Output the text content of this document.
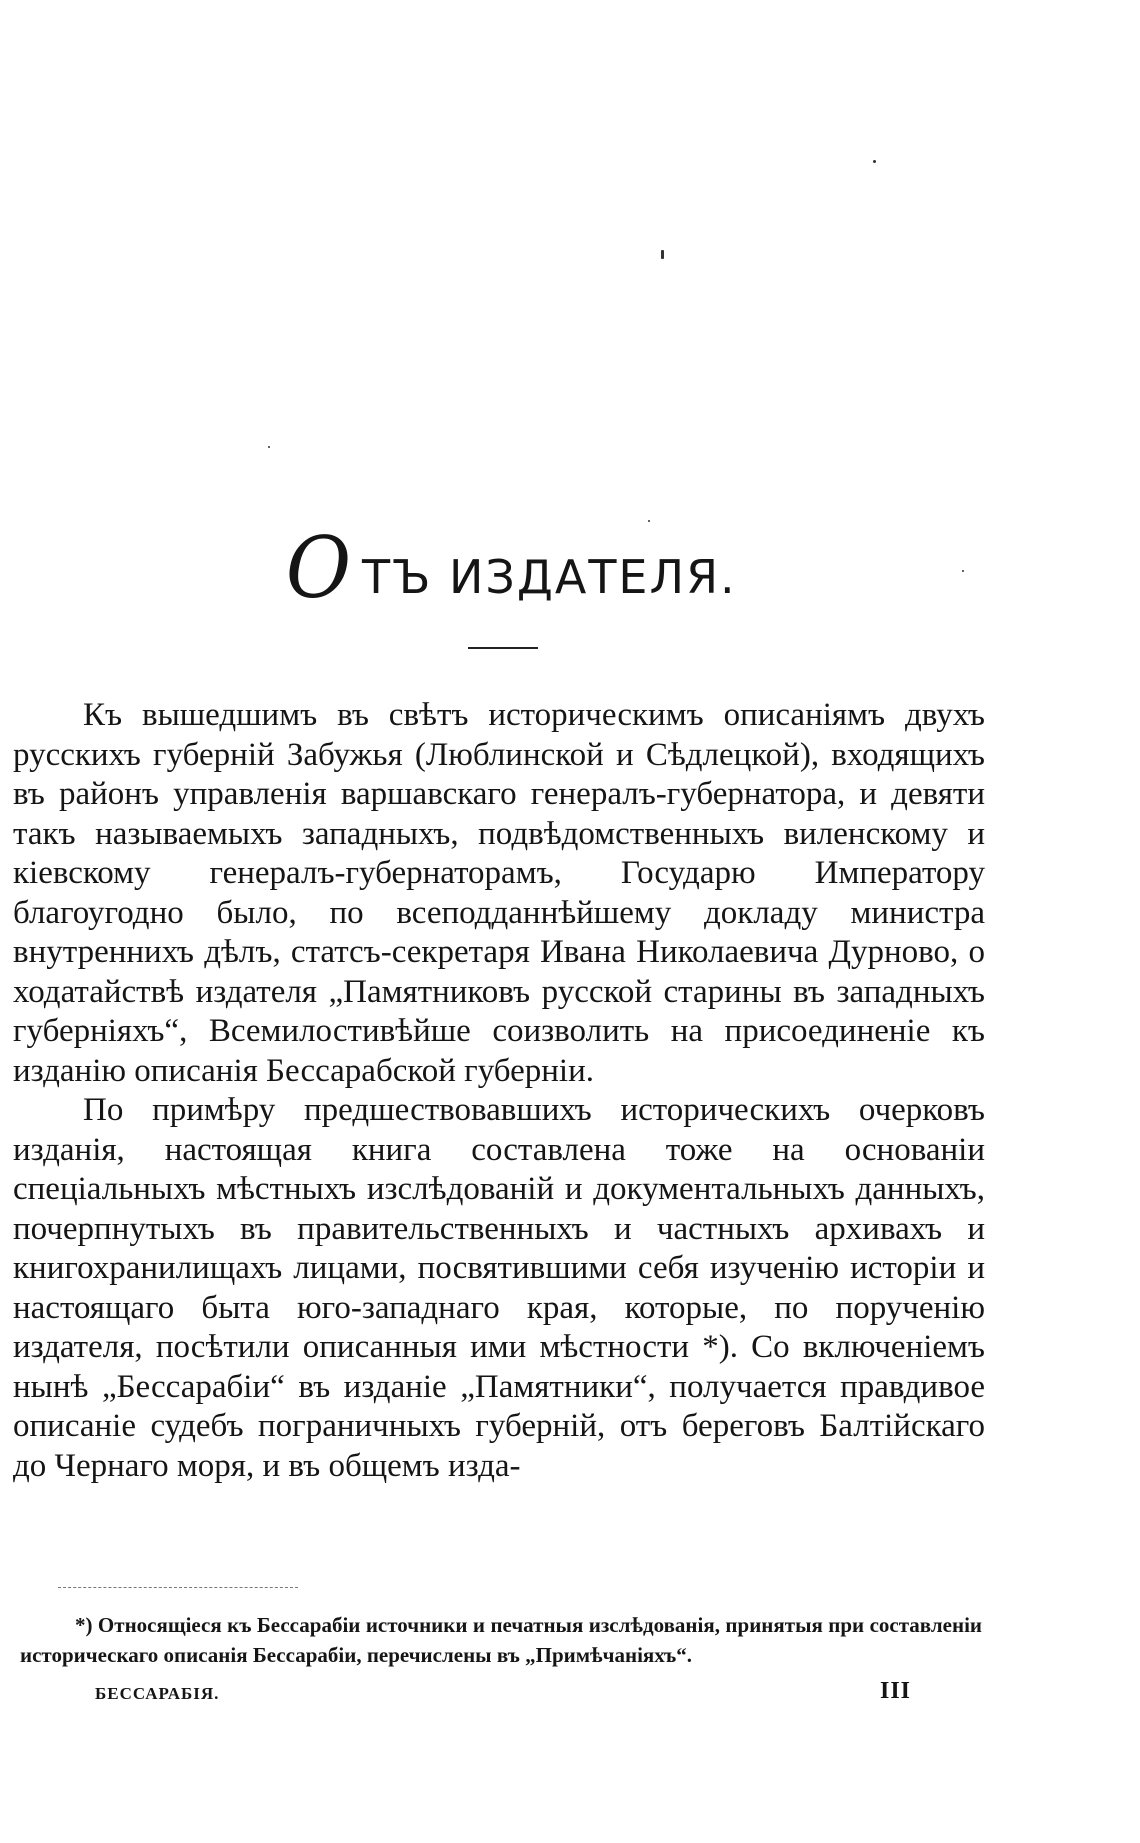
О ТЪ ИЗДАТЕЛЯ.

Къ вышедшимъ въ свѣтъ историческимъ описаніямъ двухъ русскихъ губерній Забужья (Люблинской и Сѣдлецкой), входящихъ въ районъ управленія варшавскаго генералъ-губернатора, и девяти такъ называемыхъ западныхъ, подвѣдомственныхъ виленскому и кіевскому генералъ-губернаторамъ, Государю Императору благоугодно было, по всеподданнѣйшему докладу министра внутреннихъ дѣлъ, статсъ-секретаря Ивана Николаевича Дурново, о ходатайствѣ издателя „Памятниковъ русской старины въ западныхъ губерніяхъ“, Всемилостивѣйше соизволить на присоединеніе къ изданію описанія Бессарабской губерніи.

По примѣру предшествовавшихъ историческихъ очерковъ изданія, настоящая книга составлена тоже на основаніи спеціальныхъ мѣстныхъ изслѣдованій и документальныхъ данныхъ, почерпнутыхъ въ правительственныхъ и частныхъ архивахъ и книгохранилищахъ лицами, посвятившими себя изученію исторіи и настоящаго быта юго-западнаго края, которые, по порученію издателя, посѣтили описанныя ими мѣстности *). Со включеніемъ нынѣ „Бессарабіи“ въ изданіе „Памятники“, получается правдивое описаніе судебъ пограничныхъ губерній, отъ береговъ Балтійскаго до Чернаго моря, и въ общемъ изда-

*) Относящіеся къ Бессарабіи источники и печатныя изслѣдованія, принятыя при составленіи историческаго описанія Бессарабіи, перечислены въ „Примѣчаніяхъ“.

БЕССАРАБІЯ.	III
